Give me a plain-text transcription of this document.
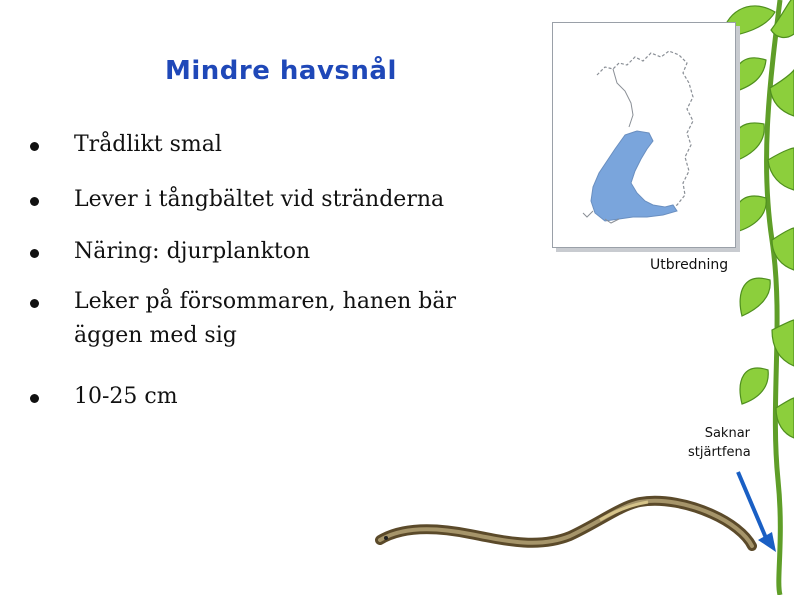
Mindre havsnål
Trådlikt smal
Lever i tångbältet vid stränderna
Näring: djurplankton
Leker på försommaren, hanen bär äggen med sig
10-25 cm
Utbredning
Saknar stjärtfena
